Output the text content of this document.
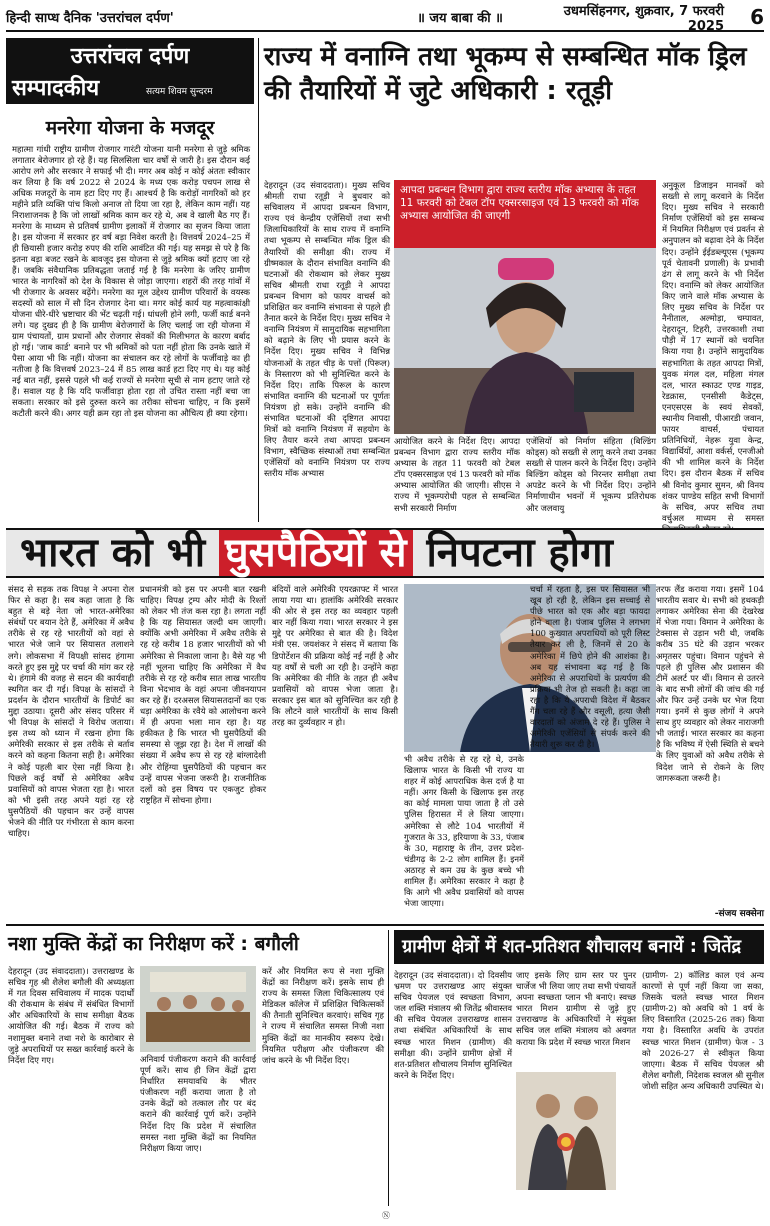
हिन्दी साप्ध दैनिक 'उत्तरांचल दर्पण'	॥ जय बाबा की ॥	उधमसिंहनगर, शुक्रवार, 7 फरवरी 2025	6
उत्तरांचल दर्पण
सम्पादकीय	सत्यम शिवम सुन्दरम
मनरेगा योजना के मजदूर
महात्मा गांधी राष्ट्रीय ग्रामीण रोजगार गारंटी योजना यानी मनरेगा से जुड़े श्रमिक लगातार बेरोजगार हो रहे हैं। यह सिलसिला चार वर्षों से जारी है। इस दौरान कई आरोप लगे और सरकार ने सफाई भी दी। मगर अब कोई न कोई अंततः स्वीकार कर लिया है कि वर्ष 2022 से 2024 के मध्य एक करोड़ पचपन लाख से अधिक मजदूरों के नाम हटा दिए गए हैं। आश्चर्य है कि करोड़ों नागरिकों को हर महीने प्रति व्यक्ति पांच किलो अनाज तो दिया जा रहा है, लेकिन काम नहीं। यह निराशाजनक है कि जो लाखों श्रमिक काम कर रहे थे, अब वे खाली बैठ गए हैं। मनरेगा के माध्यम से प्रतिवर्ष ग्रामीण इलाकों में रोजगार का सृजन किया जाता है। इस योजना में सरकार हर वर्ष बड़ा निवेश करती है। वित्तवर्ष 2024–25 में ही छियासी हजार करोड़ रुपए की राशि आवंटित की गई। यह समझ से परे है कि इतना बड़ा बजट रखने के बावजूद इस योजना से जुड़े श्रमिक क्यों हटाए जा रहे हैं। जबकि संवैधानिक प्रतिबद्धता जताई गई है कि मनरेगा के जरिए ग्रामीण भारत के नागरिकों को देश के विकास से जोड़ा जाएगा। शहरों की तरह गांवों में भी रोजगार के अवसर बढ़ेंगे। मनरेगा का मूल उद्देश्य ग्रामीण परिवारों के वयस्क सदस्यों को साल में सौ दिन रोजगार देना था। मगर कोई कार्य यह महत्वाकांक्षी योजना धीरे-धीरे भ्रष्टाचार की भेंट चढ़ती गई। धांधली होने लगी, फर्जी कार्ड बनने लगे। यह दुखद ही है कि ग्रामीण बेरोजगारों के लिए चलाई जा रही योजना में ग्राम पंचायतों, ग्राम प्रधानों और रोजगार सेवकों की मिलीभगत के कारण बर्बाद हो गई। 'जाब कार्ड' बनाने पर भी श्रमिकों को पता नहीं होता कि उनके खाते में पैसा आया भी कि नहीं। योजना का संचालन कर रहे लोगों के फर्जीवाड़े का ही नतीजा है कि वित्तवर्ष 2023–24 में 85 लाख कार्ड हटा दिए गए थे। यह कोई नई बात नहीं, इससे पहले भी कई राज्यों से मनरेगा सूची से नाम हटाए जाते रहे हैं। सवाल यह है कि यदि फर्जीवाड़ा होता रहा तो उचित रास्ता नहीं बचा जा सकता। सरकार को इसे दुरुस्त करने का तरीका सोचना चाहिए, न कि इसमें कटौती करने की। अगर यही क्रम रहा तो इस योजना का औचित्य ही क्या रहेगा।
राज्य में वनाग्नि तथा भूकम्प से सम्बन्धित मॉक ड्रिल की तैयारियों में जुटे अधिकारी : रतूड़ी
देहरादून (उद संवाददाता)। मुख्य सचिव श्रीमती राधा रतूड़ी ने बुधवार को सचिवालय में आपदा प्रबन्धन विभाग, राज्य एवं केन्द्रीय एजेंसियों तथा सभी जिलाधिकारियों के साथ राज्य में वनाग्नि तथा भूकम्प से सम्बन्धित मॉक ड्रिल की तैयारियों की समीक्षा की। राज्य में ग्रीष्मकाल के दौरान संभावित वनाग्नि की घटनाओं की रोकथाम को लेकर मुख्य सचिव श्रीमती राधा रतूड़ी ने आपदा प्रबन्धन विभाग को फायर वाचर्स को प्रशिक्षित कर वनाग्नि संभावना से पहले ही तैनात करने के निर्देश दिए। मुख्य सचिव ने वनाग्नि नियंत्रण में सामुदायिक सहभागिता को बढ़ाने के लिए भी प्रयास करने के निर्देश दिए। मुख्य सचिव ने विभिन्न योजनाओं के तहत चीड़ के पत्तों (पिरूल) के निस्तारण को भी सुनिश्चित करने के निर्देश दिए। ताकि पिरूल के कारण संभावित वनाग्नि की घटनाओं पर पूर्णतः नियंत्रण हो सके। उन्होंने वनाग्नि की संभावित घटनाओं की दृष्टिगत आपदा मित्रों को वनाग्नि नियंत्रण में सहयोग के लिए तैयार करने तथा आपदा प्रबन्धन विभाग, स्वैच्छिक संस्थाओं तथा सम्बन्धित एजेंसियों को वनाग्नि नियंत्रण पर राज्य स्तरीय मॉक अभ्यास
आपदा प्रबन्धन विभाग द्वारा राज्य स्तरीय मॉक अभ्यास के तहत 11 फरवरी को टेबल टॉप एक्सरसाइज एवं 13 फरवरी को मॉक अभ्यास आयोजित की जाएगी
आयोजित करने के निर्देश दिए। आपदा प्रबन्धन विभाग द्वारा राज्य स्तरीय मॉक अभ्यास के तहत 11 फरवरी को टेबल टॉप एक्सरसाइज एवं 13 फरवरी को मॉक अभ्यास आयोजित की जाएगी। सीएस ने राज्य में भूकम्परोधी पहल से सम्बन्धित सभी सरकारी निर्माण
एजेंसियों को निर्माण संहिता (बिल्डिंग कोड्स) को सख्ती से लागू करने तथा उनका सख्ती से पालन करने के निर्देश दिए। उन्होंने बिल्डिंग कोड्स को निरन्तर समीक्षा तथा अपडेट करने के भी निर्देश दिए। उन्होंने निर्माणाधीन भवनों में भूकम्प प्रतिरोधक और जलवायु
अनुकूल डिजाइन मानकों को सख्ती से लागू करवाने के निर्देश दिए। मुख्य सचिव ने सरकारी निर्माण एजेंसियों को इस सम्बन्ध में नियमित निरीक्षण एवं प्रवर्तन से अनुपालन को बढ़ावा देने के निर्देश दिए। उन्होंने ईईडब्ल्यूएस (भूकम्प पूर्व चेतावनी प्रणाली) के प्रभावी ढंग से लागू करने के भी निर्देश दिए। वनाग्नि को लेकर आयोजित किए जाने वाले मॉक अभ्यास के लिए मुख्य सचिव के निर्देश पर नैनीताल, अल्मोड़ा, चम्पावत, देहरादून, टिहरी, उत्तरकाशी तथा पौड़ी में 17 स्थानों को चयनित किया गया है। उन्होंने सामुदायिक सहभागिता के तहत आपदा मित्रों, युवक मंगल दल, महिला मंगल दल, भारत स्काउट एण्ड गाइड, रेडक्रास, एनसीसी कैडेट्स, एनएसएस के स्वयं सेवकों, स्थानीय निवासी, पीआरडी जवान, फायर वाचर्स, पंचायत प्रतिनिधियों, नेहरू युवा केन्द्र, विद्यार्थियों, आशा वर्कर्स, एनजीओ की भी शामिल करने के निर्देश दिए। इस दौरान बैठक में सचिव श्री विनोद कुमार सुमन, श्री विनय शंकर पाण्डेय सहित सभी विभागों के सचिव, अपर सचिव तथा वर्चुअल माध्यम से समस्त
भारत को भी घुसपैठियों से निपटना होगा
संसद से सड़क तक विपक्ष ने अपना रोल फिर से कहा है। सब कहा जाता है कि बहुत से बड़े नेता जो भारत-अमेरिका संबंधों पर बयान देते हैं, अमेरिका में अवैध तरीके से रह रहे भारतीयों को वहां से भारत भेजे जाने पर सियासत तलाशने लगे। लोकसभा में विपक्षी सांसद हंगामा करते हुए इस मुद्दे पर चर्चा की मांग कर रहे थे। हंगामे की वजह से सदन की कार्यवाही स्थगित कर दी गई। विपक्ष के सांसदों ने प्रदर्शन के दौरान भारतीयों के डिपोर्ट का मुद्दा उठाया। दूसरी ओर संसद परिसर में भी विपक्ष के सांसदों ने विरोध जताया। इस तथ्य को ध्यान में रखना होगा कि अमेरिकी सरकार से इस तरीके से बर्ताव करने को कहना कितना सही है। अमेरिका ने कोई पहली बार ऐसा नहीं किया है। पिछले कई वर्षों से अमेरिका अवैध प्रवासियों को वापस भेजता रहा है। भारत को भी इसी तरह अपने यहां रह रहे घुसपैठियों की पहचान कर उन्हें वापस भेजने की नीति पर गंभीरता से काम करना चाहिए।
प्रधानमंत्री को इस पर अपनी बात रखनी चाहिए। विपक्ष ट्रम्प और मोदी के रिश्तों को लेकर भी तंज कस रहा है। लगता नहीं है कि यह सियासत जल्दी थम जाएगी। क्योंकि अभी अमेरिका में अवैध तरीके से रह रहे करीब 18 हजार भारतीयों को भी अमेरिका से निकाला जाना है। वैसे यह भी नहीं भूलना चाहिए कि अमेरिका में वैध तरीके से रह रहे करीब सात लाख भारतीय विना भेदभाव के वहां अपना जीवनयापन कर रहे हैं। दरअसल सियासतदानों का एक धड़ा अमेरिका के रवैये को आलोचना करने में ही अपना भला मान रहा है। यह हकीकत है कि भारत भी घुसपैठियों की समस्या से जूझ रहा है। देश में लाखों की संख्या में अवैध रूप से रह रहे बांग्लादेशी और रोहिंग्या घुसपैठियों की पहचान कर उन्हें वापस भेजना जरूरी है। राजनीतिक दलों को इस विषय पर एकजुट होकर राष्ट्रहित में सोचना होगा।
बंदियों वाले अमेरिकी एयरक्राफ्ट में भारत लाया गया था। हालांकि अमेरिकी सरकार की ओर से इस तरह का व्यवहार पहली बार नहीं किया गया। भारत सरकार ने इस मुद्दे पर अमेरिका से बात की है। विदेश मंत्री एस. जयशंकर ने संसद में बताया कि डिपोर्टेशन की प्रक्रिया कोई नई नहीं है और यह वर्षों से चली आ रही है। उन्होंने कहा कि अमेरिका की नीति के तहत ही अवैध प्रवासियों को वापस भेजा जाता है। सरकार इस बात को सुनिश्चित कर रही है कि लौटने वाले भारतीयों के साथ किसी तरह का दुर्व्यवहार न हो।
भी अवैध तरीके से रह रहे थे, उनके खिलाफ भारत के किसी भी राज्य या शहर में कोई आपराधिक केस दर्ज है या नहीं। अगर किसी के खिलाफ इस तरह का कोई मामला पाया जाता है तो उसे पुलिस हिरासत में ले लिया जाएगा। अमेरिका से लौटे 104 भारतीयों में गुजरात के 33, हरियाणा के 33, पंजाब के 30, महाराष्ट्र के तीन, उत्तर प्रदेश-चंडीगढ़ के 2-2 लोग शामिल हैं। इनमें अठारह से कम उम्र के कुछ बच्चे भी शामिल हैं। अमेरिका सरकार ने कहा है कि आगे भी अवैध प्रवासियों को वापस भेजा जाएगा।
चर्चा में रहता है, इस पर सियासत भी खूब हो रही है, लेकिन इस सच्चाई से पीछे भारत को एक और बड़ा फायदा होने वाला है। पंजाब पुलिस ने लगभग 100 कुख्यात अपराधियों को पूरी लिस्ट तैयार कर ली है, जिनमें से 20 के अमेरिका में छिपे होने की आशंका है। अब यह संभावना बढ़ गई है कि अमेरिका से अपराधियों के प्रत्यर्पण की प्रक्रिया भी तेज हो सकती है। कहा जा रहा है कि ये अपराधी विदेश में बैठकर गैंग चला रहे हैं और वसूली, हत्या जैसी वारदातों को अंजाम दे रहे हैं। पुलिस ने अमेरिकी एजेंसियों से संपर्क करने की तैयारी शुरू कर दी है।
तरफ लैंड कराया गया। इसमें 104 भारतीय सवार थे। सभी को हथकड़ी लगाकर अमेरिका सेना की देखरेख में भेजा गया। विमान ने अमेरिका के टेक्सास से उड़ान भरी थी, जबकि करीब 35 घंटे की उड़ान भरकर अमृतसर पहुंचा। विमान पहुंचने से पहले ही पुलिस और प्रशासन की टीमें अलर्ट पर थीं। विमान से उतरने के बाद सभी लोगों की जांच की गई और फिर उन्हें उनके घर भेज दिया गया। इनमें से कुछ लोगों ने अपने साथ हुए व्यवहार को लेकर नाराजगी भी जताई। भारत सरकार का कहना है कि भविष्य में ऐसी स्थिति से बचने के लिए युवाओं को अवैध तरीके से विदेश जाने से रोकने के लिए जागरूकता जरूरी है।
-संजय सक्सेना
नशा मुक्ति केंद्रों का निरीक्षण करें : बगौली
देहरादून (उद संवाददाता)। उत्तराखण्ड के सचिव गृह श्री शैलेश बगौली की अध्यक्षता में गत दिवस सचिवालय में मादक पदार्थों की रोकथाम के संबंध में संबंधित विभागों और अधिकारियों के साथ समीक्षा बैठक आयोजित की गई। बैठक में राज्य को नशामुक्त बनाने तथा नशे के कारोबार से जुड़े अपराधियों पर सख्त कार्रवाई करने के निर्देश दिए गए।	अनिवार्य पंजीकरण कराने की कार्रवाई पूर्ण करें। साथ ही जिन केंद्रों द्वारा निर्धारित समयावधि के भीतर पंजीकरण नहीं कराया जाता है तो उनके केंद्रों को तत्काल तौर पर बंद कराने की कार्रवाई पूर्ण करें। उन्होंने निर्देश दिए कि प्रदेश में संचालित समस्त नशा मुक्ति केंद्रों का नियमित निरीक्षण किया जाए।
करें और नियमित रूप से नशा मुक्ति केंद्रों का निरीक्षण करें। इसके साथ ही राज्य के समस्त जिला चिकित्सालय एवं मेडिकल कॉलेज में प्रशिक्षित चिकित्सकों की तैनाती सुनिश्चित करवाएं। सचिव गृह ने राज्य में संचालित समस्त निजी नशा मुक्ति केंद्रों का मानकीय स्वरूप देखे। नियमित परीक्षण और पंजीकरण की जांच करने के भी निर्देश दिए।
ग्रामीण क्षेत्रों में शत-प्रतिशत शौचालय बनायें : जितेंद्र
देहरादून (उद संवाददाता)। दो दिवसीय भ्रमण पर उत्तराखण्ड आए संयुक्त सचिव पेयजल एवं स्वच्छता विभाग, जल शक्ति मंत्रालय श्री जितेंद्र श्रीवास्तव की सचिव पेयजल उत्तराखण्ड शासन तथा संबंधित अधिकारियों के साथ स्वच्छ भारत मिशन (ग्रामीण) की समीक्षा की। उन्होंने ग्रामीण क्षेत्रों में शत-प्रतिशत शौचालय निर्माण सुनिश्चित करने के निर्देश दिए।
जाए इसके लिए ग्राम स्तर पर पुनर चार्जेज भी लिया जाए तथा सभी पंचायतें अपना स्वच्छता प्लान भी बनाएं। स्वच्छ भारत मिशन ग्रामीण से जुड़े हुए उत्तराखण्ड के अधिकारियों ने संयुक्त सचिव जल शक्ति मंत्रालय को अवगत कराया कि प्रदेश में स्वच्छ भारत मिशन
(ग्रामीण- 2) कॉलिड काल एवं अन्य कारणों से पूर्ण नहीं किया जा सका, जिसके चलते स्वच्छ भारत मिशन (ग्रामीण-2) को अवधि को 1 वर्ष के लिए विस्तारित (2025-26 तक) किया गया है। विस्तारित अवधि के उपरांत स्वच्छ भारत मिशन (ग्रामीण) फेज - 3 को 2026-27 से स्वीकृत किया जाएगा। बैठक में सचिव पेयजल श्री शैलेश बगौली, निदेशक स्वजल श्री सुनील जोशी सहित अन्य अधिकारी उपस्थित थे।
Ⓝ
